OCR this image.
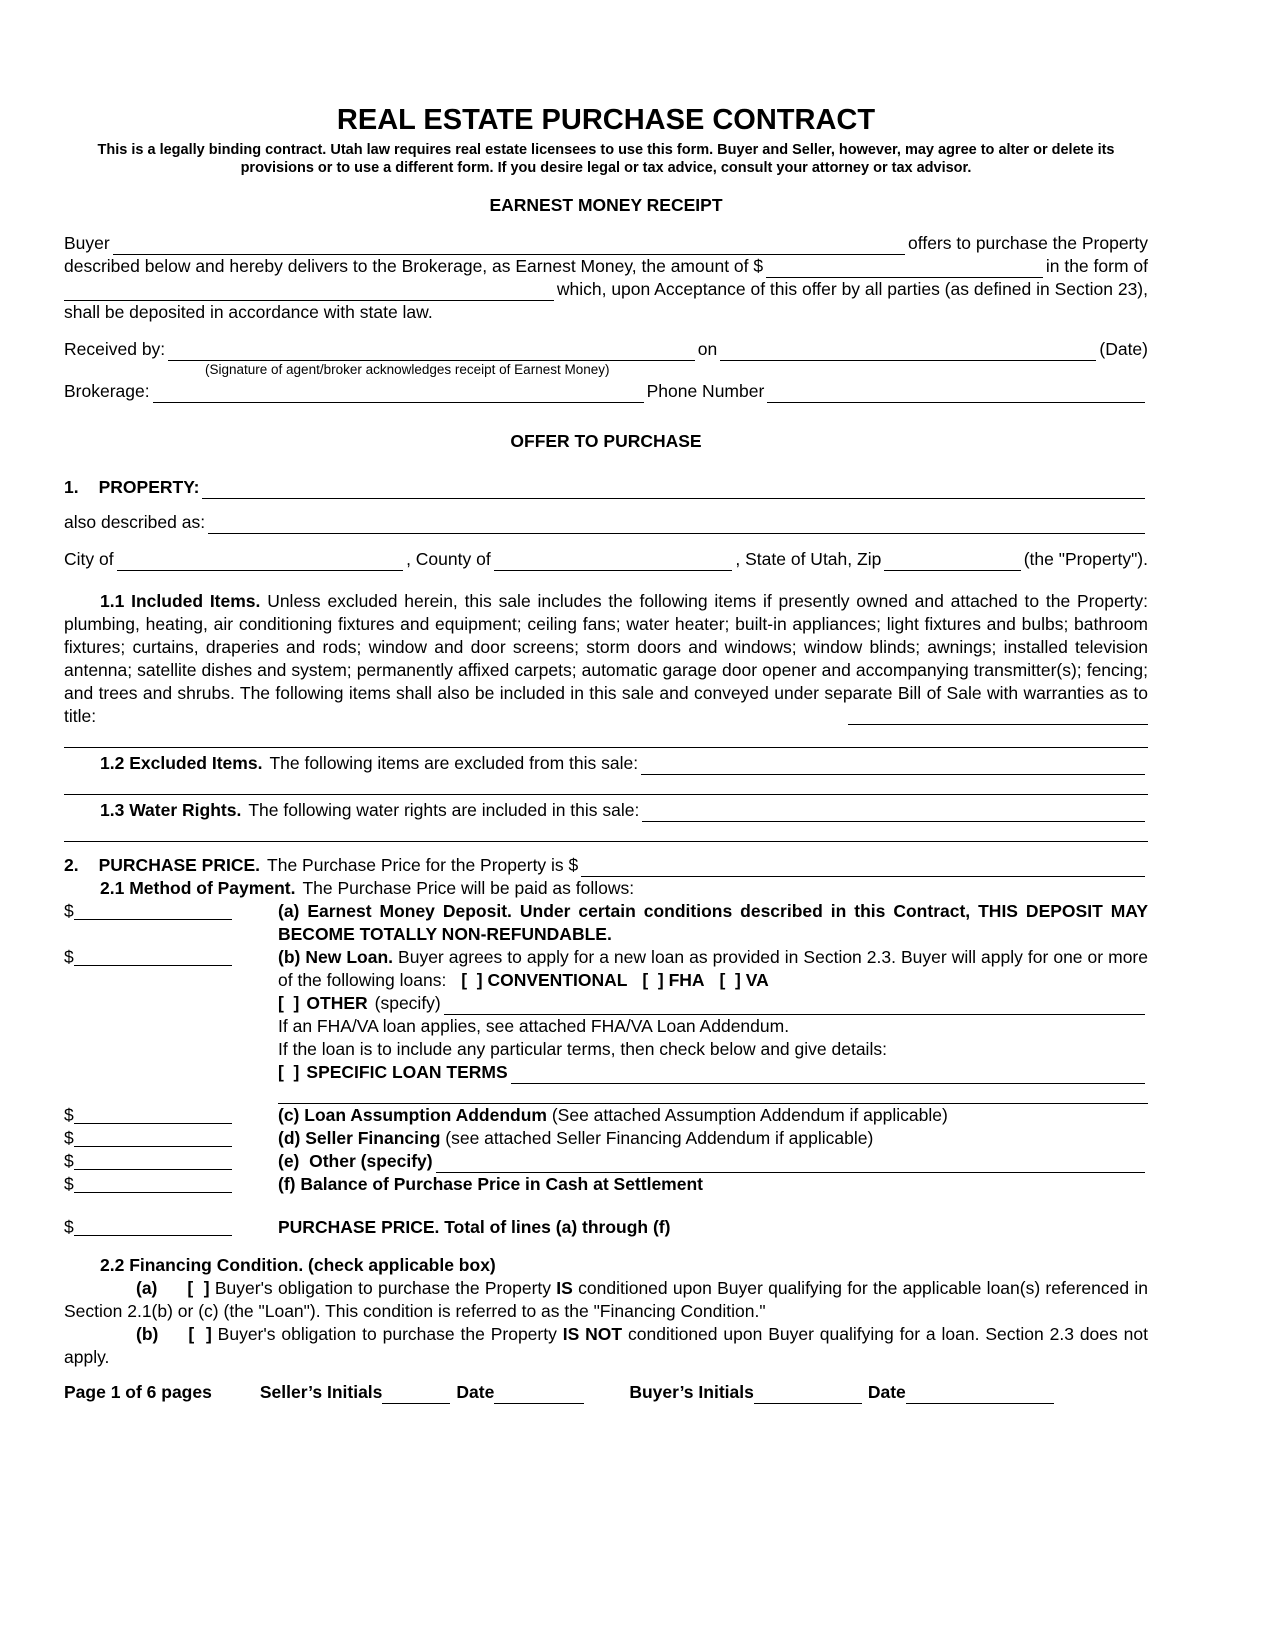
REAL ESTATE PURCHASE CONTRACT

This is a legally binding contract. Utah law requires real estate licensees to use this form. Buyer and Seller, however, may agree to alter or delete its provisions or to use a different form. If you desire legal or tax advice, consult your attorney or tax advisor.

EARNEST MONEY RECEIPT
Buyer	offers to purchase the Property
described below and hereby delivers to the Brokerage, as Earnest Money, the amount of $	in the form of
which, upon Acceptance of this offer by all parties (as defined in Section 23),
shall be deposited in accordance with state law.
Received by:	on	(Date)
(Signature of agent/broker acknowledges receipt of Earnest Money)
Brokerage:	Phone Number
OFFER TO PURCHASE
1. PROPERTY:
also described as:
City of	, County of	, State of Utah, Zip	(the "Property").

1.1 Included Items. Unless excluded herein, this sale includes the following items if presently owned and attached to the Property: plumbing, heating, air conditioning fixtures and equipment; ceiling fans; water heater; built-in appliances; light fixtures and bulbs; bathroom fixtures; curtains, draperies and rods; window and door screens; storm doors and windows; window blinds; awnings; installed television antenna; satellite dishes and system; permanently affixed carpets; automatic garage door opener and accompanying transmitter(s); fencing; and trees and shrubs. The following items shall also be included in this sale and conveyed under separate Bill of Sale with warranties as to title:

1.2 Excluded Items. The following items are excluded from this sale:
1.3 Water Rights. The following water rights are included in this sale:
2. PURCHASE PRICE. The Purchase Price for the Property is $
2.1 Method of Payment. The Purchase Price will be paid as follows:
$	(a) Earnest Money Deposit. Under certain conditions described in this Contract, THIS DEPOSIT MAY BECOME TOTALLY NON-REFUNDABLE.

$	(b) New Loan. Buyer agrees to apply for a new loan as provided in Section 2.3. Buyer will apply for one or more of the following loans: [  ] CONVENTIONAL [  ] FHA [  ] VA

[  ] OTHER (specify)
If an FHA/VA loan applies, see attached FHA/VA Loan Addendum.
If the loan is to include any particular terms, then check below and give details:
[  ] SPECIFIC LOAN TERMS
$	(c) Loan Assumption Addendum (See attached Assumption Addendum if applicable)

$	(d) Seller Financing (see attached Seller Financing Addendum if applicable)

$	(e)  Other (specify)
$	(f) Balance of Purchase Price in Cash at Settlement

$	PURCHASE PRICE. Total of lines (a) through (f)

2.2 Financing Condition. (check applicable box)

(a) [  ] Buyer's obligation to purchase the Property IS conditioned upon Buyer qualifying for the applicable loan(s) referenced in Section 2.1(b) or (c) (the "Loan"). This condition is referred to as the "Financing Condition."

(b) [  ] Buyer's obligation to purchase the Property IS NOT conditioned upon Buyer qualifying for a loan. Section 2.3 does not apply.

Page 1 of 6 pages	Seller’s Initials	Date	Buyer’s Initials	Date
